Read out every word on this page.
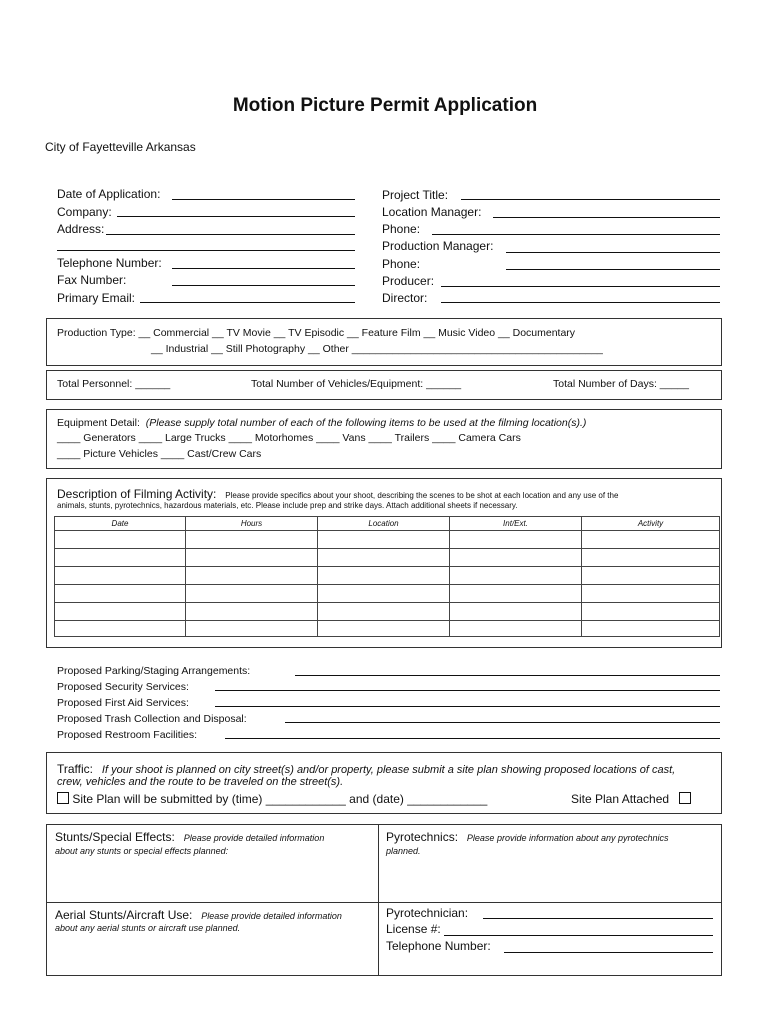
Motion Picture Permit Application
City of Fayetteville Arkansas
Date of Application:
Company:
Address:
Telephone Number:
Fax Number:
Primary Email:
Project Title:
Location Manager:
Phone:
Production Manager:
Phone:
Producer:
Director:
Production Type: __ Commercial __ TV Movie __ TV Episodic __ Feature Film __ Music Video __ Documentary
__ Industrial __ Still Photography __ Other ___________________________________________
Total Personnel: ______	Total Number of Vehicles/Equipment: ______	Total Number of Days: _____
Equipment Detail: (Please supply total number of each of the following items to be used at the filming location(s).)
____ Generators ____ Large Trucks ____ Motorhomes ____ Vans ____ Trailers ____ Camera Cars
____ Picture Vehicles ____ Cast/Crew Cars
Description of Filming Activity: Please provide specifics about your shoot, describing the scenes to be shot at each location and any use of the
animals, stunts, pyrotechnics, hazardous materials, etc. Please include prep and strike days. Attach additional sheets if necessary.
Date	Hours	Location	Int/Ext.	Activity

Proposed Parking/Staging Arrangements:
Proposed Security Services:
Proposed First Aid Services:
Proposed Trash Collection and Disposal:
Proposed Restroom Facilities:
Traffic: If your shoot is planned on city street(s) and/or property, please submit a site plan showing proposed locations of cast,
crew, vehicles and the route to be traveled on the street(s).
Site Plan will be submitted by (time) ____________ and (date) ____________	Site Plan Attached
Stunts/Special Effects: Please provide detailed information
about any stunts or special effects planned:
Pyrotechnics: Please provide information about any pyrotechnics
planned.
Aerial Stunts/Aircraft Use: Please provide detailed information
about any aerial stunts or aircraft use planned.
Pyrotechnician:
License #:
Telephone Number:
